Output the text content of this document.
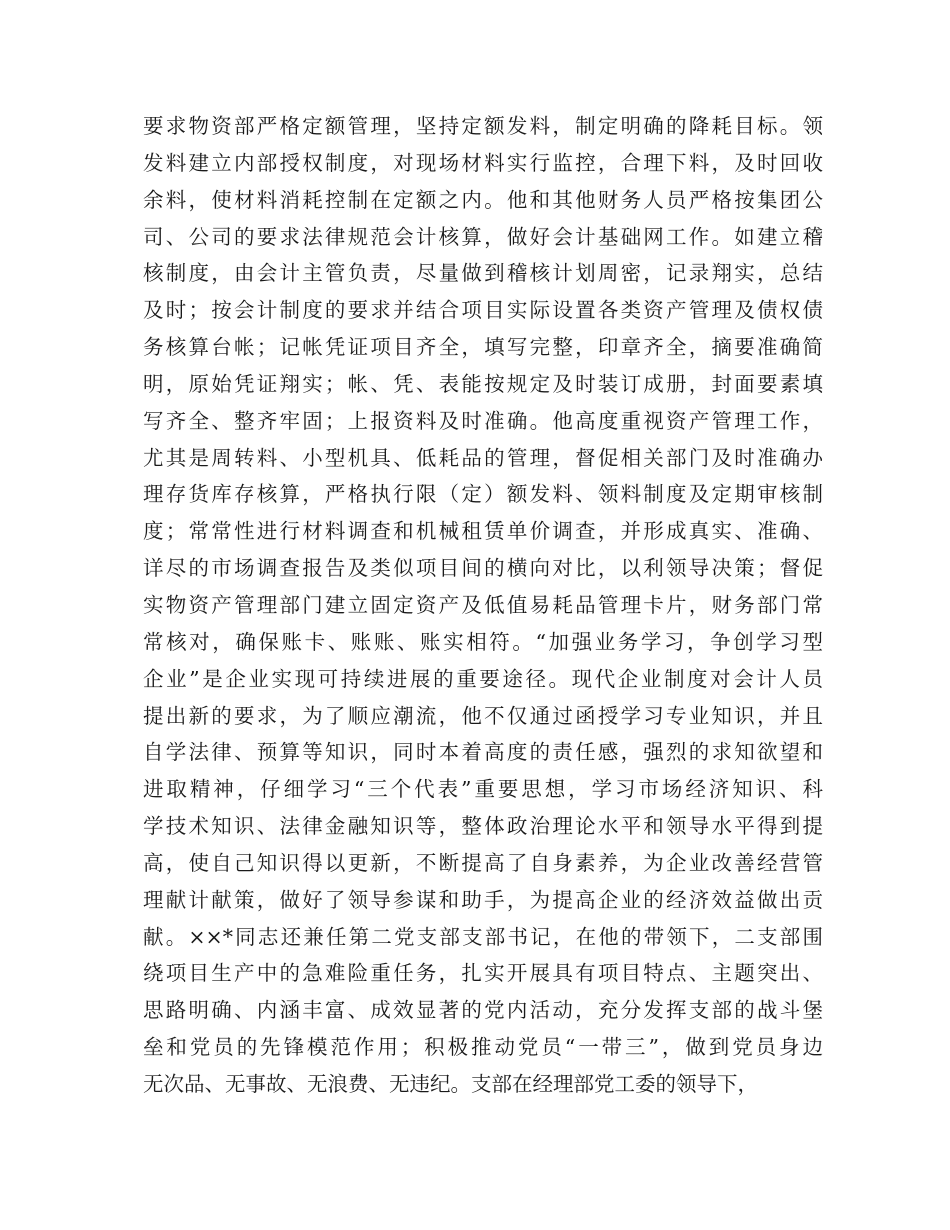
要求物资部严格定额管理，坚持定额发料，制定明确的降耗目标。领
发料建立内部授权制度，对现场材料实行监控，合理下料，及时回收
余料，使材料消耗控制在定额之内。他和其他财务人员严格按集团公
司、公司的要求法律规范会计核算，做好会计基础网工作。如建立稽
核制度，由会计主管负责，尽量做到稽核计划周密，记录翔实，总结
及时；按会计制度的要求并结合项目实际设置各类资产管理及债权债
务核算台帐；记帐凭证项目齐全，填写完整，印章齐全，摘要准确简
明，原始凭证翔实；帐、凭、表能按规定及时装订成册，封面要素填
写齐全、整齐牢固；上报资料及时准确。他高度重视资产管理工作，
尤其是周转料、小型机具、低耗品的管理，督促相关部门及时准确办
理存货库存核算，严格执行限（定）额发料、领料制度及定期审核制
度；常常性进行材料调查和机械租赁单价调查，并形成真实、准确、
详尽的市场调查报告及类似项目间的横向对比，以利领导决策；督促
实物资产管理部门建立固定资产及低值易耗品管理卡片，财务部门常
常核对，确保账卡、账账、账实相符。“加强业务学习，争创学习型
企业”是企业实现可持续进展的重要途径。现代企业制度对会计人员
提出新的要求，为了顺应潮流，他不仅通过函授学习专业知识，并且
自学法律、预算等知识，同时本着高度的责任感，强烈的求知欲望和
进取精神，仔细学习“三个代表”重要思想，学习市场经济知识、科
学技术知识、法律金融知识等，整体政治理论水平和领导水平得到提
高，使自己知识得以更新，不断提高了自身素养，为企业改善经营管
理献计献策，做好了领导参谋和助手，为提高企业的经济效益做出贡
献。××*同志还兼任第二党支部支部书记，在他的带领下，二支部围
绕项目生产中的急难险重任务，扎实开展具有项目特点、主题突出、
思路明确、内涵丰富、成效显著的党内活动，充分发挥支部的战斗堡
垒和党员的先锋模范作用；积极推动党员“一带三”，做到党员身边
无次品、无事故、无浪费、无违纪。支部在经理部党工委的领导下，
